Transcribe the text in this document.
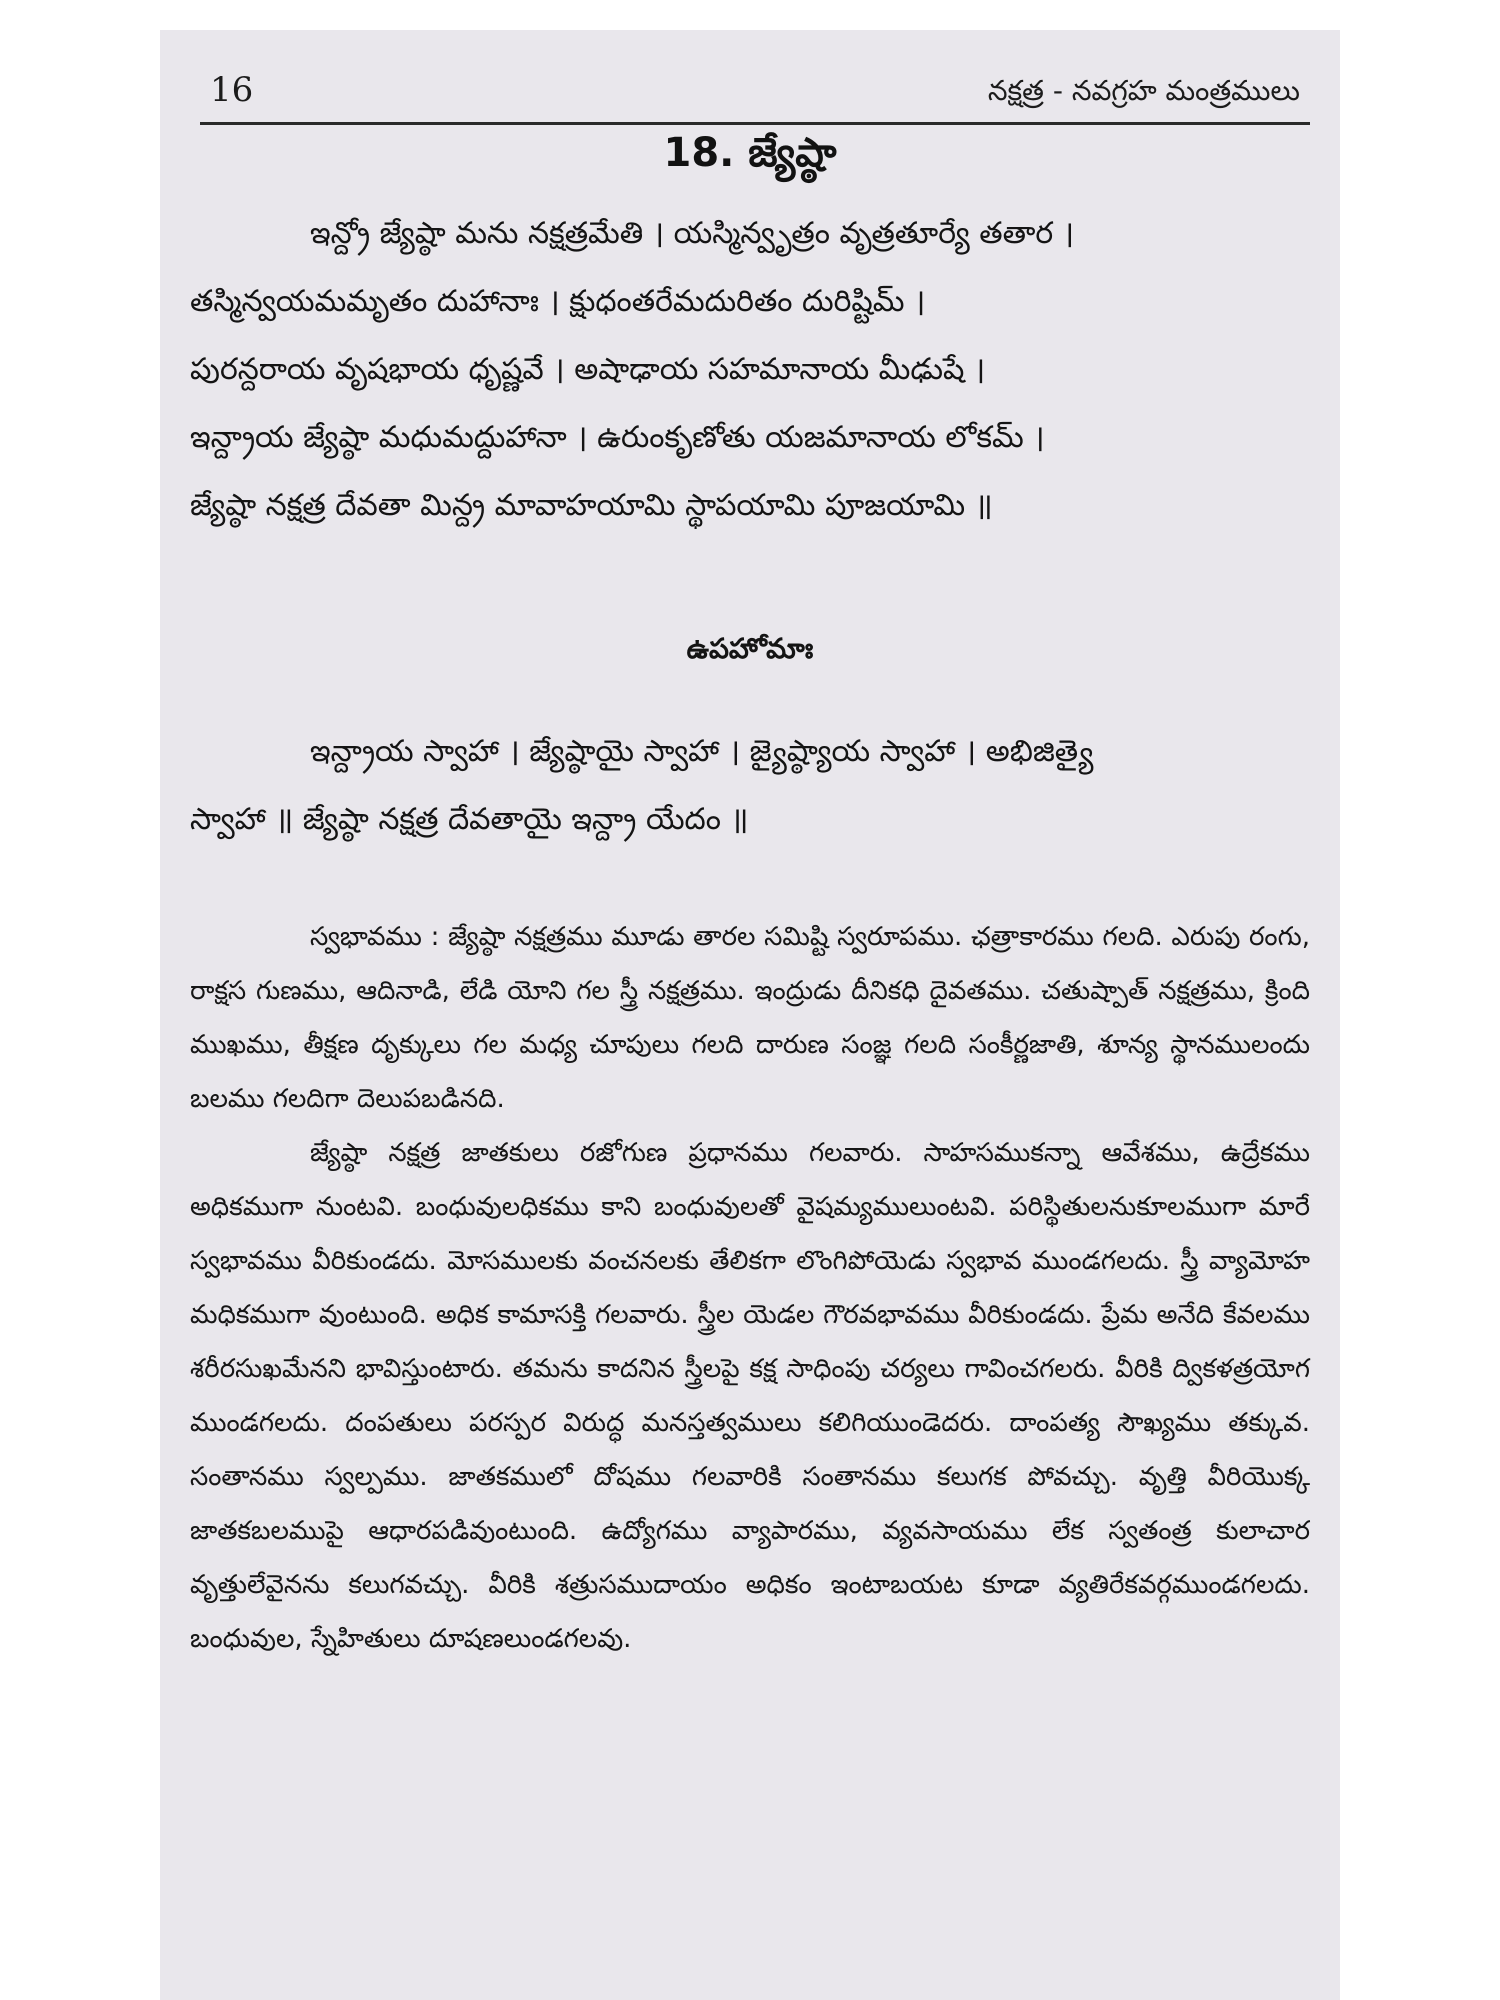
16	నక్షత్ర - నవగ్రహ మంత్రములు
18. జ్యేష్ఠా

ఇన్ద్రో జ్యేష్ఠా మను నక్షత్రమేతి । యస్మిన్వృత్రం వృత్రతూర్యే తతార ।

తస్మిన్వయమమృతం దుహానాః । క్షుధంతరేమదురితం దురిష్టిమ్ ।

పురన్దరాయ వృషభాయ ధృష్ణవే । అషాఢాయ సహమానాయ మీఢుషే ।

ఇన్ద్రాయ జ్యేష్ఠా మధుమద్దుహానా । ఉరుంకృణోతు యజమానాయ లోకమ్ ।

జ్యేష్ఠా నక్షత్ర దేవతా మిన్ద్ర మావాహయామి స్థాపయామి పూజయామి ॥

ఉపహోమాః

ఇన్ద్రాయ స్వాహా । జ్యేష్ఠాయై స్వాహా । జ్యైష్ఠ్యాయ స్వాహా । అభిజిత్యై

స్వాహా ॥ జ్యేష్ఠా నక్షత్ర దేవతాయై ఇన్ద్రా యేదం ॥

స్వభావము : జ్యేష్ఠా నక్షత్రము మూడు తారల సమిష్టి స్వరూపము. ఛత్రాకారము గలది. ఎరుపు రంగు, రాక్షస గుణము, ఆదినాడి, లేడి యోని గల స్త్రీ నక్షత్రము. ఇంద్రుడు దీనికధి దైవతము. చతుష్పాత్ నక్షత్రము, క్రింది ముఖము, తీక్షణ దృక్కులు గల మధ్య చూపులు గలది దారుణ సంజ్ఞ గలది సంకీర్ణజాతి, శూన్య స్థానములందు బలము గలదిగా దెలుపబడినది.

జ్యేష్ఠా నక్షత్ర జాతకులు రజోగుణ ప్రధానము గలవారు. సాహసముకన్నా ఆవేశము, ఉద్రేకము అధికముగా నుంటవి. బంధువులధికము కాని బంధువులతో వైషమ్యములుంటవి. పరిస్థితులనుకూలముగా మారే స్వభావము వీరికుండదు. మోసములకు వంచనలకు తేలికగా లొంగిపోయెడు స్వభావ ముండగలదు. స్త్రీ వ్యామోహ మధికముగా వుంటుంది. అధిక కామాసక్తి గలవారు. స్త్రీల యెడల గౌరవభావము వీరికుండదు. ప్రేమ అనేది కేవలము శరీరసుఖమేనని భావిస్తుంటారు. తమను కాదనిన స్త్రీలపై కక్ష సాధింపు చర్యలు గావించగలరు. వీరికి ద్వికళత్రయోగ ముండగలదు. దంపతులు పరస్పర విరుద్ధ మనస్తత్వములు కలిగియుండెదరు. దాంపత్య సౌఖ్యము తక్కువ. సంతానము స్వల్పము. జాతకములో దోషము గలవారికి సంతానము కలుగక పోవచ్చు. వృత్తి వీరియొక్క జాతకబలముపై ఆధారపడివుంటుంది. ఉద్యోగము వ్యాపారము, వ్యవసాయము లేక స్వతంత్ర కులాచార వృత్తులేవైనను కలుగవచ్చు. వీరికి శత్రుసముదాయం అధికం ఇంటాబయట కూడా వ్యతిరేకవర్గముండగలదు. బంధువుల, స్నేహితులు దూషణలుండగలవు.
